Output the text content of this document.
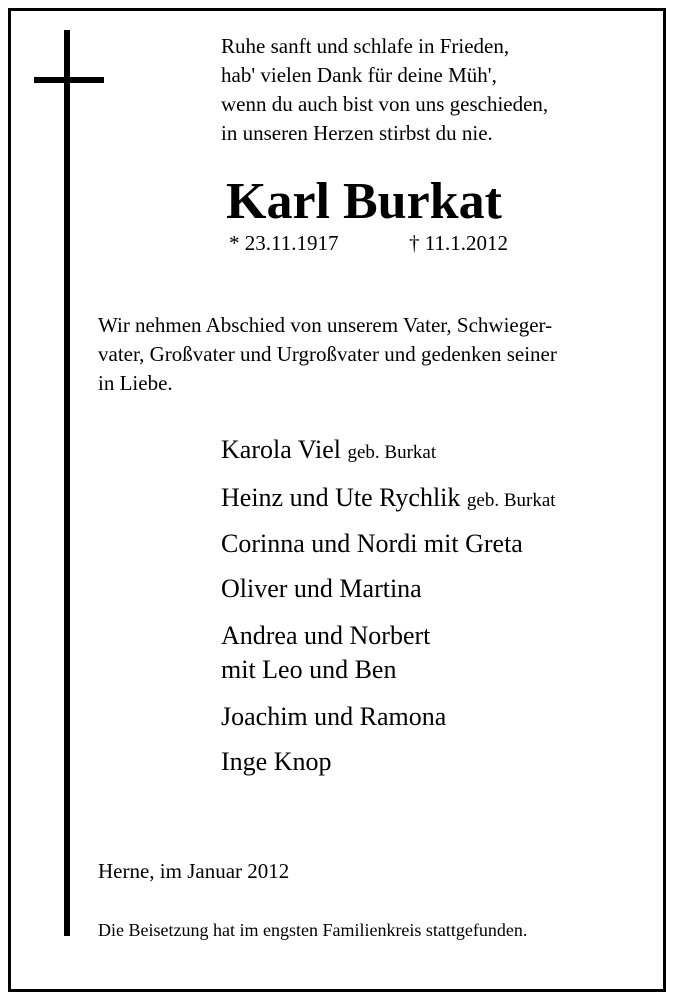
Ruhe sanft und schlafe in Frieden,
hab' vielen Dank für deine Müh',
wenn du auch bist von uns geschieden,
in unseren Herzen stirbst du nie.
Karl Burkat
* 23.11.1917	† 11.1.2012
Wir nehmen Abschied von unserem Vater, Schwieger-
vater, Großvater und Urgroßvater und gedenken seiner
in Liebe.
Karola Viel geb. Burkat
Heinz und Ute Rychlik geb. Burkat
Corinna und Nordi mit Greta
Oliver und Martina
Andrea und Norbert
mit Leo und Ben
Joachim und Ramona
Inge Knop
Herne, im Januar 2012
Die Beisetzung hat im engsten Familienkreis stattgefunden.
